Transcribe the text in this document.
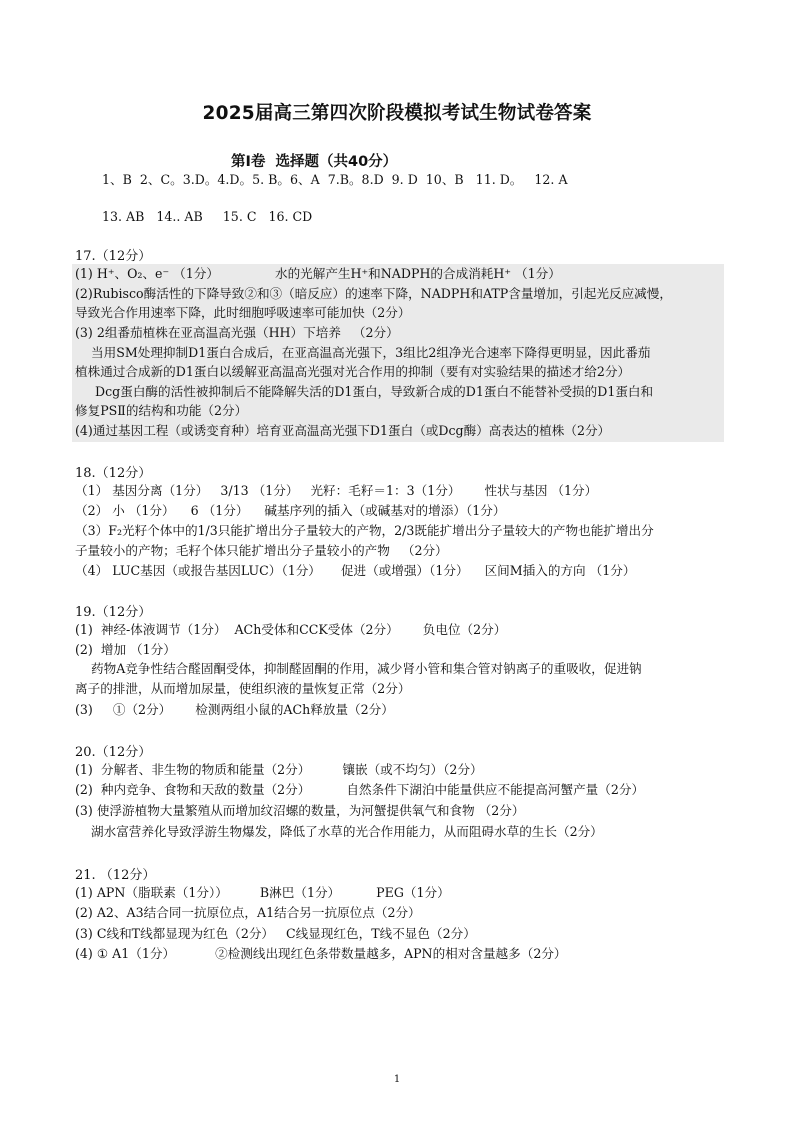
2025届高三第四次阶段模拟考试生物试卷答案
第Ⅰ卷  选择题（共40分）
1、B  2、C。3.D。4.D。5. B。6、A  7.B。8.D  9. D  10、B   11. D。   12. A
13. AB   14.. AB     15. C   16. CD
17.（12分）
(1) H⁺、O₂、e⁻ （1分）              水的光解产生H⁺和NADPH的合成消耗H⁺ （1分）
(2)Rubisco酶活性的下降导致②和③（暗反应）的速率下降，NADPH和ATP含量增加，引起光反应减慢，
导致光合作用速率下降，此时细胞呼吸速率可能加快（2分）
(3) 2组番茄植株在亚高温高光强（HH）下培养   （2分）
当用SM处理抑制D1蛋白合成后，在亚高温高光强下，3组比2组净光合速率下降得更明显，因此番茄
植株通过合成新的D1蛋白以缓解亚高温高光强对光合作用的抑制（要有对实验结果的描述才给2分）
Dcg蛋白酶的活性被抑制后不能降解失活的D1蛋白，导致新合成的D1蛋白不能替补受损的D1蛋白和
修复PSⅡ的结构和功能（2分）
(4)通过基因工程（或诱变育种）培育亚高温高光强下D1蛋白（或Dcg酶）高表达的植株（2分）
18.（12分）
（1） 基因分离（1分）   3/13 （1分）   光籽：毛籽＝1：3（1分）      性状与基因 （1分）
（2） 小 （1分）    6 （1分）    碱基序列的插入（或碱基对的增添）（1分）
（3）F₂光籽个体中的1/3只能扩增出分子量较大的产物，2/3既能扩增出分子量较大的产物也能扩增出分
子量较小的产物；毛籽个体只能扩增出分子量较小的产物   （2分）
（4） LUC基因（或报告基因LUC）（1分）     促进（或增强）（1分）    区间M插入的方向 （1分）
19.（12分）
(1)  神经-体液调节（1分）  ACh受体和CCK受体（2分）      负电位（2分）
(2)  增加 （1分）
药物A竞争性结合醛固酮受体，抑制醛固酮的作用，减少肾小管和集合管对钠离子的重吸收，促进钠
离子的排泄，从而增加尿量，使组织液的量恢复正常（2分）
(3)     ①（2分）      检测两组小鼠的ACh释放量（2分）
20.（12分）
(1)  分解者、非生物的物质和能量（2分）        镶嵌（或不均匀）（2分）
(2)  种内竞争、食物和天敌的数量（2分）         自然条件下湖泊中能量供应不能提高河蟹产量（2分）
(3) 使浮游植物大量繁殖从而增加纹沼螺的数量，为河蟹提供氧气和食物 （2分）
湖水富营养化导致浮游生物爆发，降低了水草的光合作用能力，从而阻碍水草的生长（2分）
21. （12分）
(1) APN（脂联素（1分））        B淋巴（1分）         PEG（1分）
(2) A2、A3结合同一抗原位点，A1结合另一抗原位点（2分）
(3) C线和T线都显现为红色（2分）   C线显现红色，T线不显色（2分）
(4) ① A1（1分）          ②检测线出现红色条带数量越多，APN的相对含量越多（2分）
1
